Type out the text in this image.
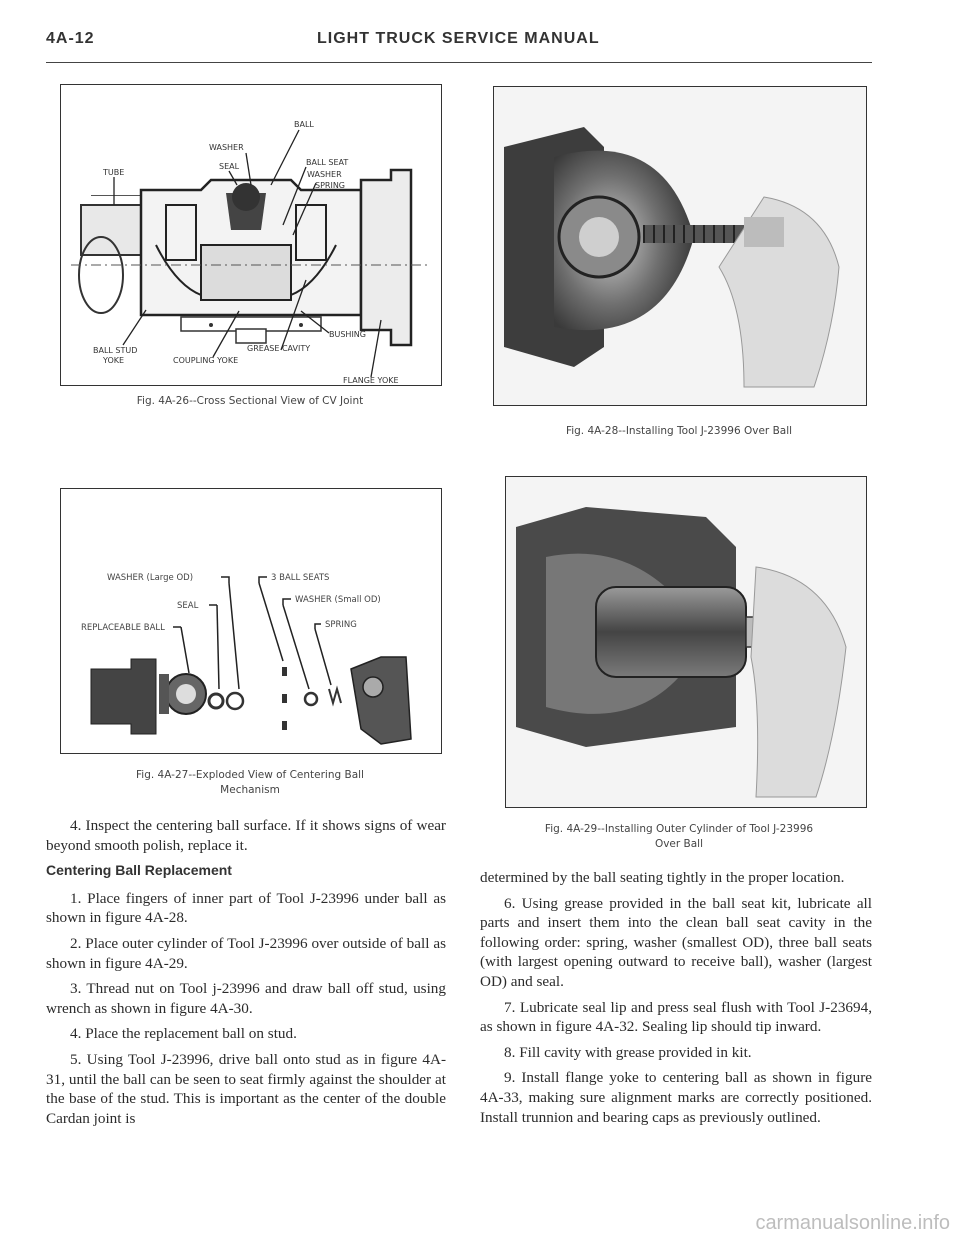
4A-12	LIGHT TRUCK SERVICE MANUAL
BALL
WASHER
BALL SEAT
SEAL
WASHER
SPRING
TUBE
BUSHING
GREASE CAVITY
BALL STUD
YOKE	COUPLING YOKE
FLANGE YOKE
Fig. 4A-26--Cross Sectional View of CV Joint
WASHER (Large OD)	3 BALL SEATS
SEAL
WASHER (Small OD)
REPLACEABLE BALL	SPRING
Fig. 4A-27--Exploded View of Centering Ball
Mechanism
Fig. 4A-28--Installing Tool J-23996 Over Ball
Fig. 4A-29--Installing Outer Cylinder of Tool J-23996
Over Ball

4. Inspect the centering ball surface. If it shows signs of wear beyond smooth polish, replace it.

Centering Ball Replacement

1. Place fingers of inner part of Tool J-23996 under ball as shown in figure 4A-28.

2. Place outer cylinder of Tool J-23996 over outside of ball as shown in figure 4A-29.

3. Thread nut on Tool j-23996 and draw ball off stud, using wrench as shown in figure 4A-30.

4. Place the replacement ball on stud.

5. Using Tool J-23996, drive ball onto stud as in figure 4A-31, until the ball can be seen to seat firmly against the shoulder at the base of the stud. This is important as the center of the double Cardan joint is

determined by the ball seating tightly in the proper location.

6. Using grease provided in the ball seat kit, lubricate all parts and insert them into the clean ball seat cavity in the following order: spring, washer (smallest OD), three ball seats (with largest opening outward to receive ball), washer (largest OD) and seal.

7. Lubricate seal lip and press seal flush with Tool J-23694, as shown in figure 4A-32. Sealing lip should tip inward.

8. Fill cavity with grease provided in kit.

9. Install flange yoke to centering ball as shown in figure 4A-33, making sure alignment marks are correctly positioned. Install trunnion and bearing caps as previously outlined.

carmanualsonline.info
